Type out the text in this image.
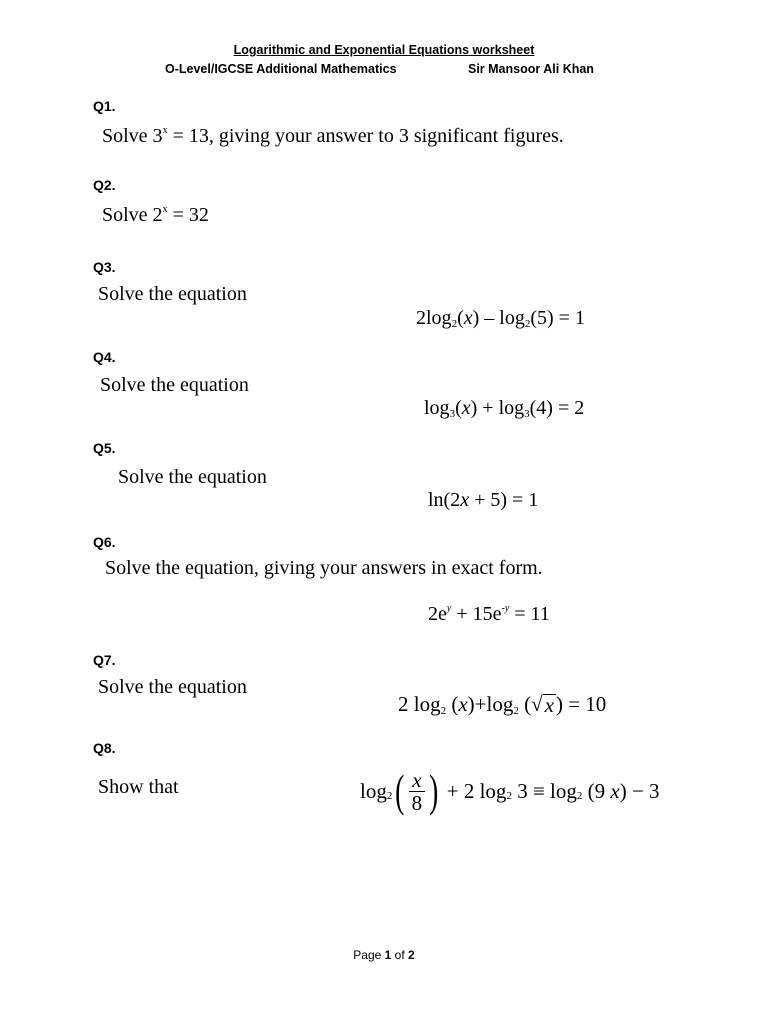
Logarithmic and Exponential Equations worksheet
O-Level/IGCSE Additional Mathematics	Sir Mansoor Ali Khan
Q1.
Solve $3^x = 13$, giving your answer to 3 significant figures.
Q2.
Solve $2^x = 32$
Q3.
Solve the equation
$2\log_2(x) - \log_2(5) = 1$
Q4.
Solve the equation
$\log_3(x) + \log_3(4) = 2$
Q5.
Solve the equation
ln(2x + 5) = 1
Q6.
Solve the equation, giving your answers in exact form.
$2e^y + 15e^{-y} = 11$
Q7.
Solve the equation
2 $\log_2 (x)+\log_2$ ( √ x ) = 10
Q8.
Show that	$\log_2$ ( $\frac{x}{8}$ ) + 2 $\log_2 3 \equiv \log_2 (9$ x ) − 3
Page 1 of 2
